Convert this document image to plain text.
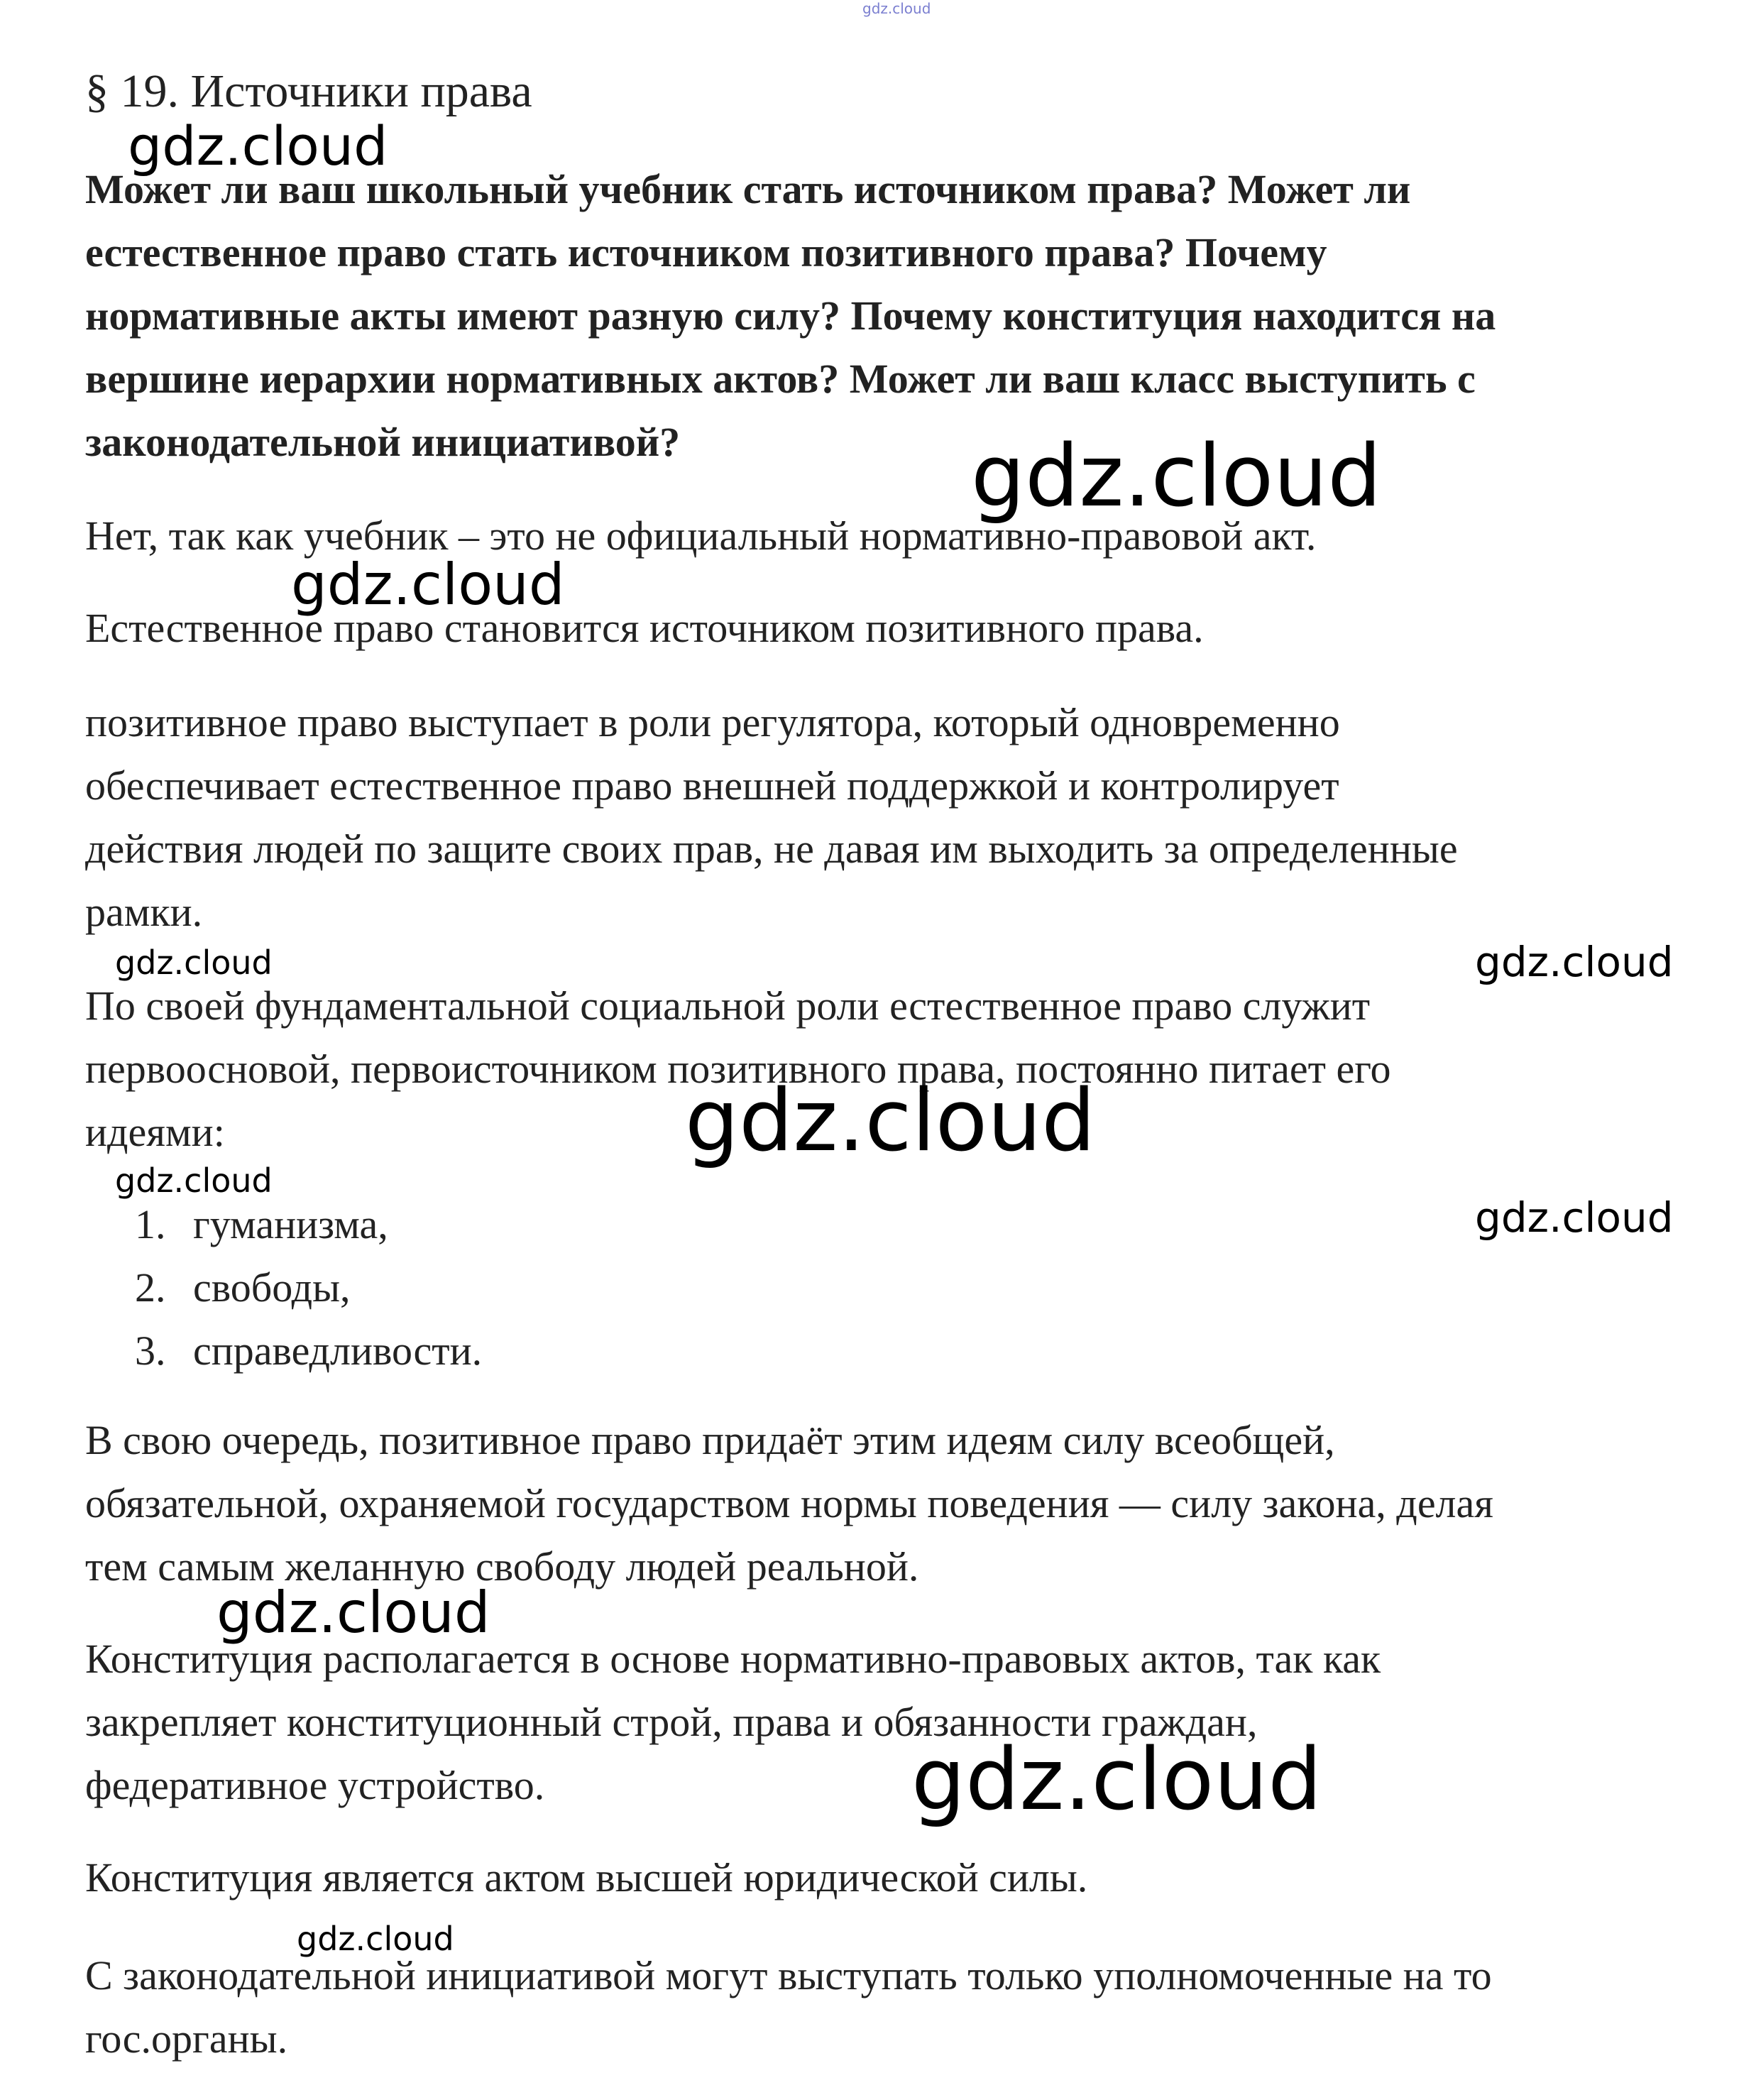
gdz.cloud
§ 19. Источники права

Может ли ваш школьный учебник стать источником права? Может ли
естественное право стать источником позитивного права? Почему
нормативные акты имеют разную силу? Почему конституция находится на
вершине иерархии нормативных актов? Может ли ваш класс выступить с
законодательной инициативой?

Нет, так как учебник – это не официальный нормативно-правовой акт.

Естественное право становится источником позитивного права.

позитивное право выступает в роли регулятора, который одновременно
обеспечивает естественное право внешней поддержкой и контролирует
действия людей по защите своих прав, не давая им выходить за определенные
рамки.

По своей фундаментальной социальной роли естественное право служит
первоосновой, первоисточником позитивного права, постоянно питает его
идеями:

1. гуманизма,
2. свободы,
3. справедливости.

В свою очередь, позитивное право придаёт этим идеям силу всеобщей,
обязательной, охраняемой государством нормы поведения — силу закона, делая
тем самым желанную свободу людей реальной.

Конституция располагается в основе нормативно-правовых актов, так как
закрепляет конституционный строй, права и обязанности граждан,
федеративное устройство.

Конституция является актом высшей юридической силы.

С законодательной инициативой могут выступать только уполномоченные на то
гос.органы.

gdz.cloud
gdz.cloud
gdz.cloud
gdz.cloud	gdz.cloud
gdz.cloud
gdz.cloud
gdz.cloud
gdz.cloud
gdz.cloud
gdz.cloud
